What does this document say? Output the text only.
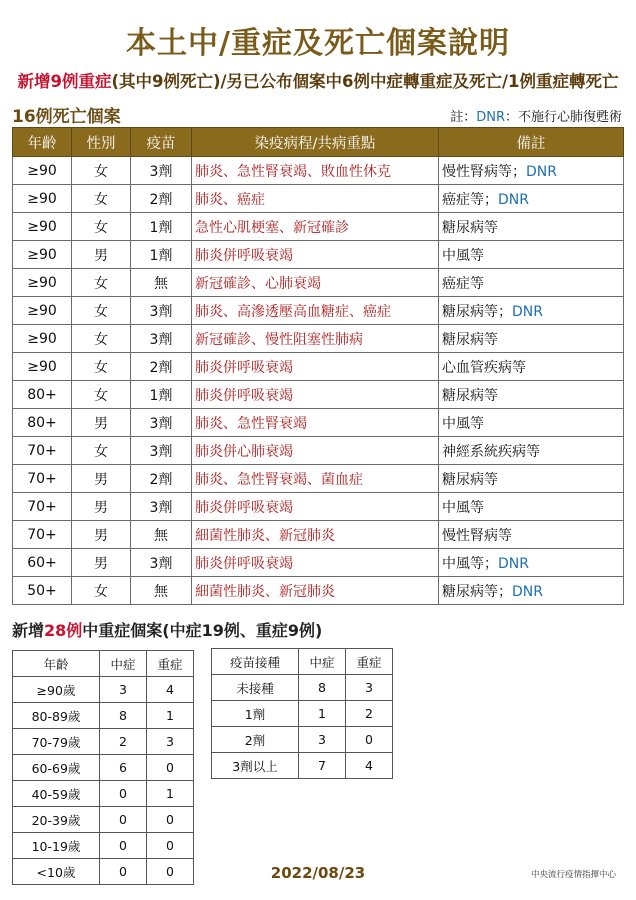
本土中/重症及死亡個案說明
新增9例重症(其中9例死亡)/另已公布個案中6例中症轉重症及死亡/1例重症轉死亡
16例死亡個案	註：DNR：不施行心肺復甦術
年齡	性別	疫苗	染疫病程/共病重點	備註
≥90	女	3劑	肺炎、急性腎衰竭、敗血性休克	慢性腎病等；DNR
≥90	女	2劑	肺炎、癌症	癌症等；DNR
≥90	女	1劑	急性心肌梗塞、新冠確診	糖尿病等
≥90	男	1劑	肺炎併呼吸衰竭	中風等
≥90	女	無	新冠確診、心肺衰竭	癌症等
≥90	女	3劑	肺炎、高滲透壓高血糖症、癌症	糖尿病等；DNR
≥90	女	3劑	新冠確診、慢性阻塞性肺病	糖尿病等
≥90	女	2劑	肺炎併呼吸衰竭	心血管疾病等
80+	女	1劑	肺炎併呼吸衰竭	糖尿病等
80+	男	3劑	肺炎、急性腎衰竭	中風等
70+	女	3劑	肺炎併心肺衰竭	神經系統疾病等
70+	男	2劑	肺炎、急性腎衰竭、菌血症	糖尿病等
70+	男	3劑	肺炎併呼吸衰竭	中風等
70+	男	無	細菌性肺炎、新冠肺炎	慢性腎病等
60+	男	3劑	肺炎併呼吸衰竭	中風等；DNR
50+	女	無	細菌性肺炎、新冠肺炎	糖尿病等；DNR
新增28例中重症個案(中症19例、重症9例)
年齡	中症	重症
≥90歲	3	4
80-89歲	8	1
70-79歲	2	3
60-69歲	6	0
40-59歲	0	1
20-39歲	0	0
10-19歲	0	0
<10歲	0	0
疫苗接種	中症	重症
未接種	8	3
1劑	1	2
2劑	3	0
3劑以上	7	4
2022/08/23	中央流行疫情指揮中心
